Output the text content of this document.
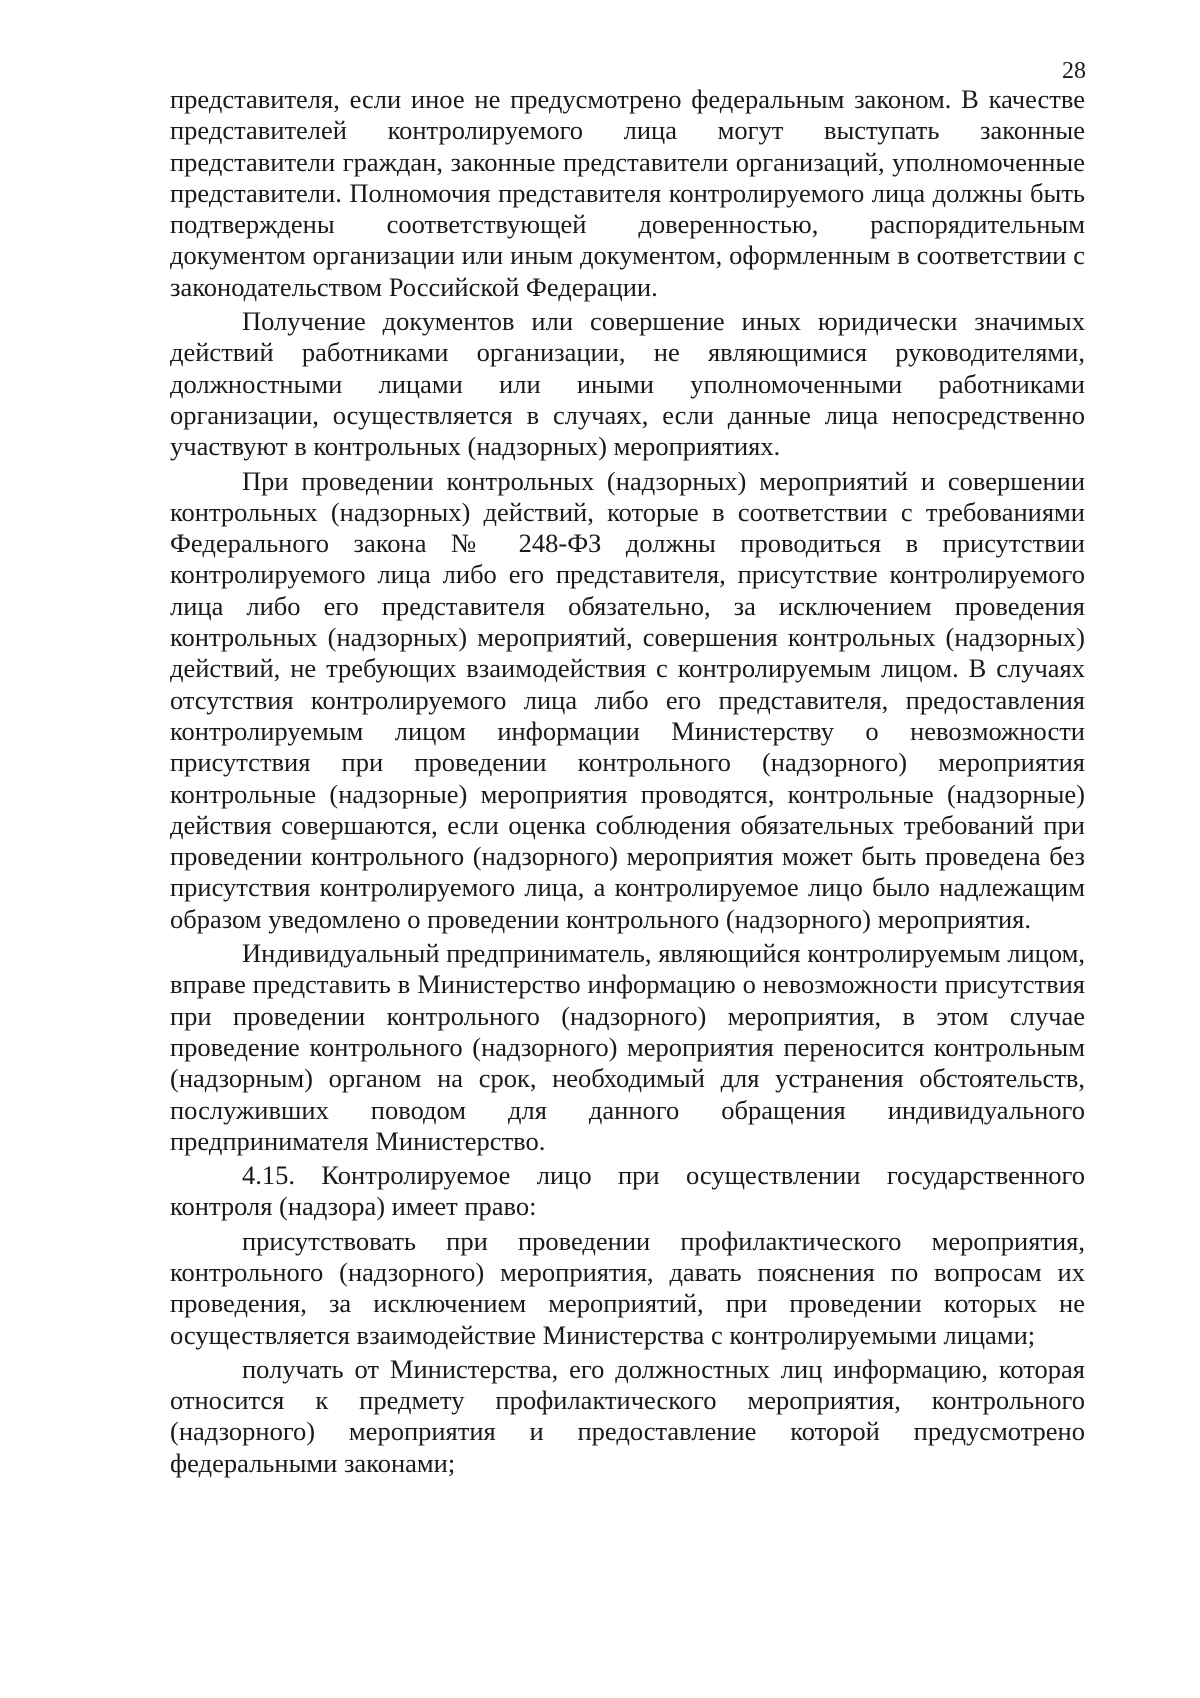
28

представителя, если иное не предусмотрено федеральным законом. В качестве представителей контролируемого лица могут выступать законные представители граждан, законные представители организаций, уполномоченные представители. Полномочия представителя контролируемого лица должны быть подтверждены соответствующей доверенностью, распорядительным документом организации или иным документом, оформленным в соответствии с законодательством Российской Федерации.

Получение документов или совершение иных юридически значимых действий работниками организации, не являющимися руководителями, должностными лицами или иными уполномоченными работниками организации, осуществляется в случаях, если данные лица непосредственно участвуют в контрольных (надзорных) мероприятиях.

При проведении контрольных (надзорных) мероприятий и совершении контрольных (надзорных) действий, которые в соответствии с требованиями Федерального закона № 248-ФЗ должны проводиться в присутствии контролируемого лица либо его представителя, присутствие контролируемого лица либо его представителя обязательно, за исключением проведения контрольных (надзорных) мероприятий, совершения контрольных (надзорных) действий, не требующих взаимодействия с контролируемым лицом. В случаях отсутствия контролируемого лица либо его представителя, предоставления контролируемым лицом информации Министерству о невозможности присутствия при проведении контрольного (надзорного) мероприятия контрольные (надзорные) мероприятия проводятся, контрольные (надзорные) действия совершаются, если оценка соблюдения обязательных требований при проведении контрольного (надзорного) мероприятия может быть проведена без присутствия контролируемого лица, а контролируемое лицо было надлежащим образом уведомлено о проведении контрольного (надзорного) мероприятия.

Индивидуальный предприниматель, являющийся контролируемым лицом, вправе представить в Министерство информацию о невозможности присутствия при проведении контрольного (надзорного) мероприятия, в этом случае проведение контрольного (надзорного) мероприятия переносится контрольным (надзорным) органом на срок, необходимый для устранения обстоятельств, послуживших поводом для данного обращения индивидуального предпринимателя Министерство.

4.15. Контролируемое лицо при осуществлении государственного контроля (надзора) имеет право:

присутствовать при проведении профилактического мероприятия, контрольного (надзорного) мероприятия, давать пояснения по вопросам их проведения, за исключением мероприятий, при проведении которых не осуществляется взаимодействие Министерства с контролируемыми лицами;

получать от Министерства, его должностных лиц информацию, которая относится к предмету профилактического мероприятия, контрольного (надзорного) мероприятия и предоставление которой предусмотрено федеральными законами;
